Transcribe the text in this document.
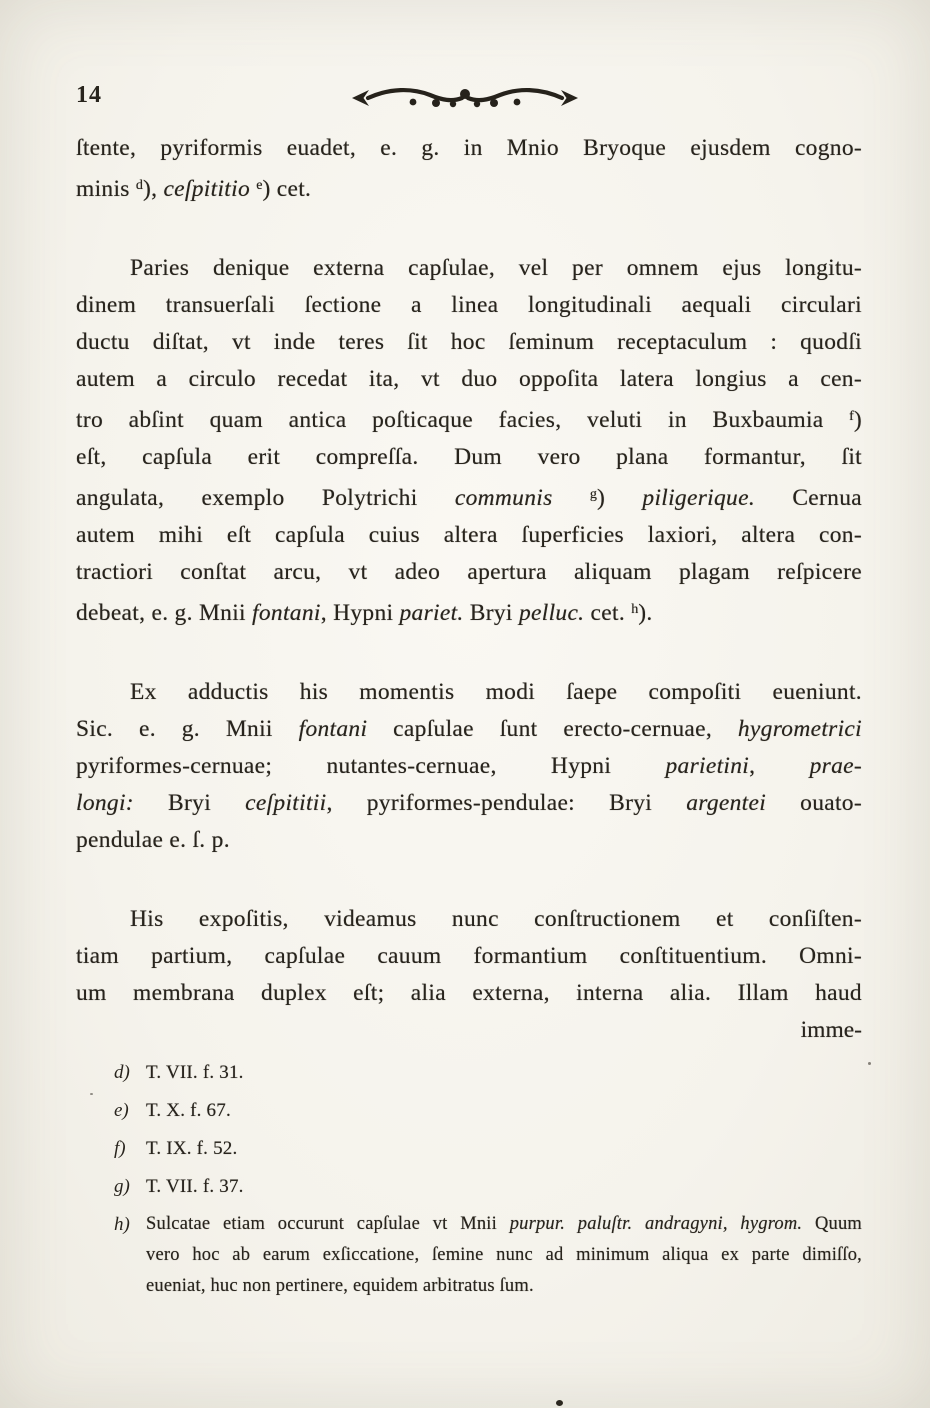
14
ſtente, pyriformis euadet, e. g. in Mnio Bryoque ejusdem cogno-
minis $^d$), ceſpititio $^e$) cet.
Paries denique externa capſulae, vel per omnem ejus longitu-
dinem transuerſali ſectione a linea longitudinali aequali circulari
ductu diſtat, vt inde teres ſit hoc ſeminum receptaculum : quodſi
autem a circulo recedat ita, vt duo oppoſita latera longius a cen-
tro abſint quam antica poſticaque facies, veluti in Buxbaumia $^f$)
eſt, capſula erit compreſſa. Dum vero plana formantur, ſit
angulata, exemplo Polytrichi communis	$^g$) piligerique. Cernua
autem mihi eſt capſula cuius altera ſuperficies laxiori, altera con-
tractiori conſtat arcu, vt adeo apertura aliquam plagam reſpicere
debeat, e. g. Mnii fontani, Hypni pariet. Bryi pelluc. cet. $^h$).
Ex adductis his momentis modi ſaepe compoſiti eueniunt.
Sic. e. g. Mnii fontani capſulae ſunt erecto-cernuae, hygrometrici
pyriformes-cernuae; nutantes-cernuae, Hypni parietini, prae-
longi: Bryi ceſpititii, pyriformes-pendulae: Bryi argentei ouato-
pendulae e. ſ. p.
His expoſitis, videamus nunc conſtructionem et conſiſten-
tiam partium, capſulae cauum formantium conſtituentium. Omni-
um membrana duplex eſt; alia externa, interna alia. Illam haud
imme-
d) T. VII. f. 31.
e) T. X. f. 67.
f) T. IX. f. 52.
g) T. VII. f. 37.
h) Sulcatae etiam occurunt capſulae vt Mnii purpur. paluſtr. andragyni, hygrom. Quum
vero hoc ab earum exſiccatione, ſemine nunc ad minimum aliqua ex parte dimiſſo,
eueniat, huc non pertinere, equidem arbitratus ſum.
